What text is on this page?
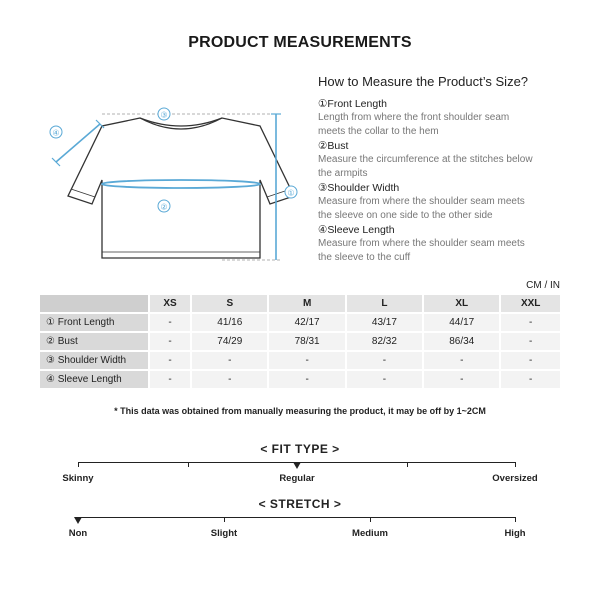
PRODUCT MEASUREMENTS
③
④
①
②
How to Measure the Product’s Size?
①Front Length
Length from where the front shoulder seam
meets the collar to the hem
②Bust
Measure the circumference at the stitches below
the armpits
③Shoulder Width
Measure from where the shoulder seam meets
the sleeve on one side to the other side
④Sleeve Length
Measure from where the shoulder seam meets
the sleeve to the cuff
CM / IN
	XS	S	M	L	XL	XXL
① Front Length	-	41/16	42/17	43/17	44/17	-
② Bust	-	74/29	78/31	82/32	86/34	-
③ Shoulder Width	-	-	-	-	-	-
④ Sleeve Length	-	-	-	-	-	-
* This data was obtained from manually measuring the product, it may be off by 1~2CM
< FIT TYPE >
Skinny	Regular	Oversized
< STRETCH >
Non	Slight	Medium	High
